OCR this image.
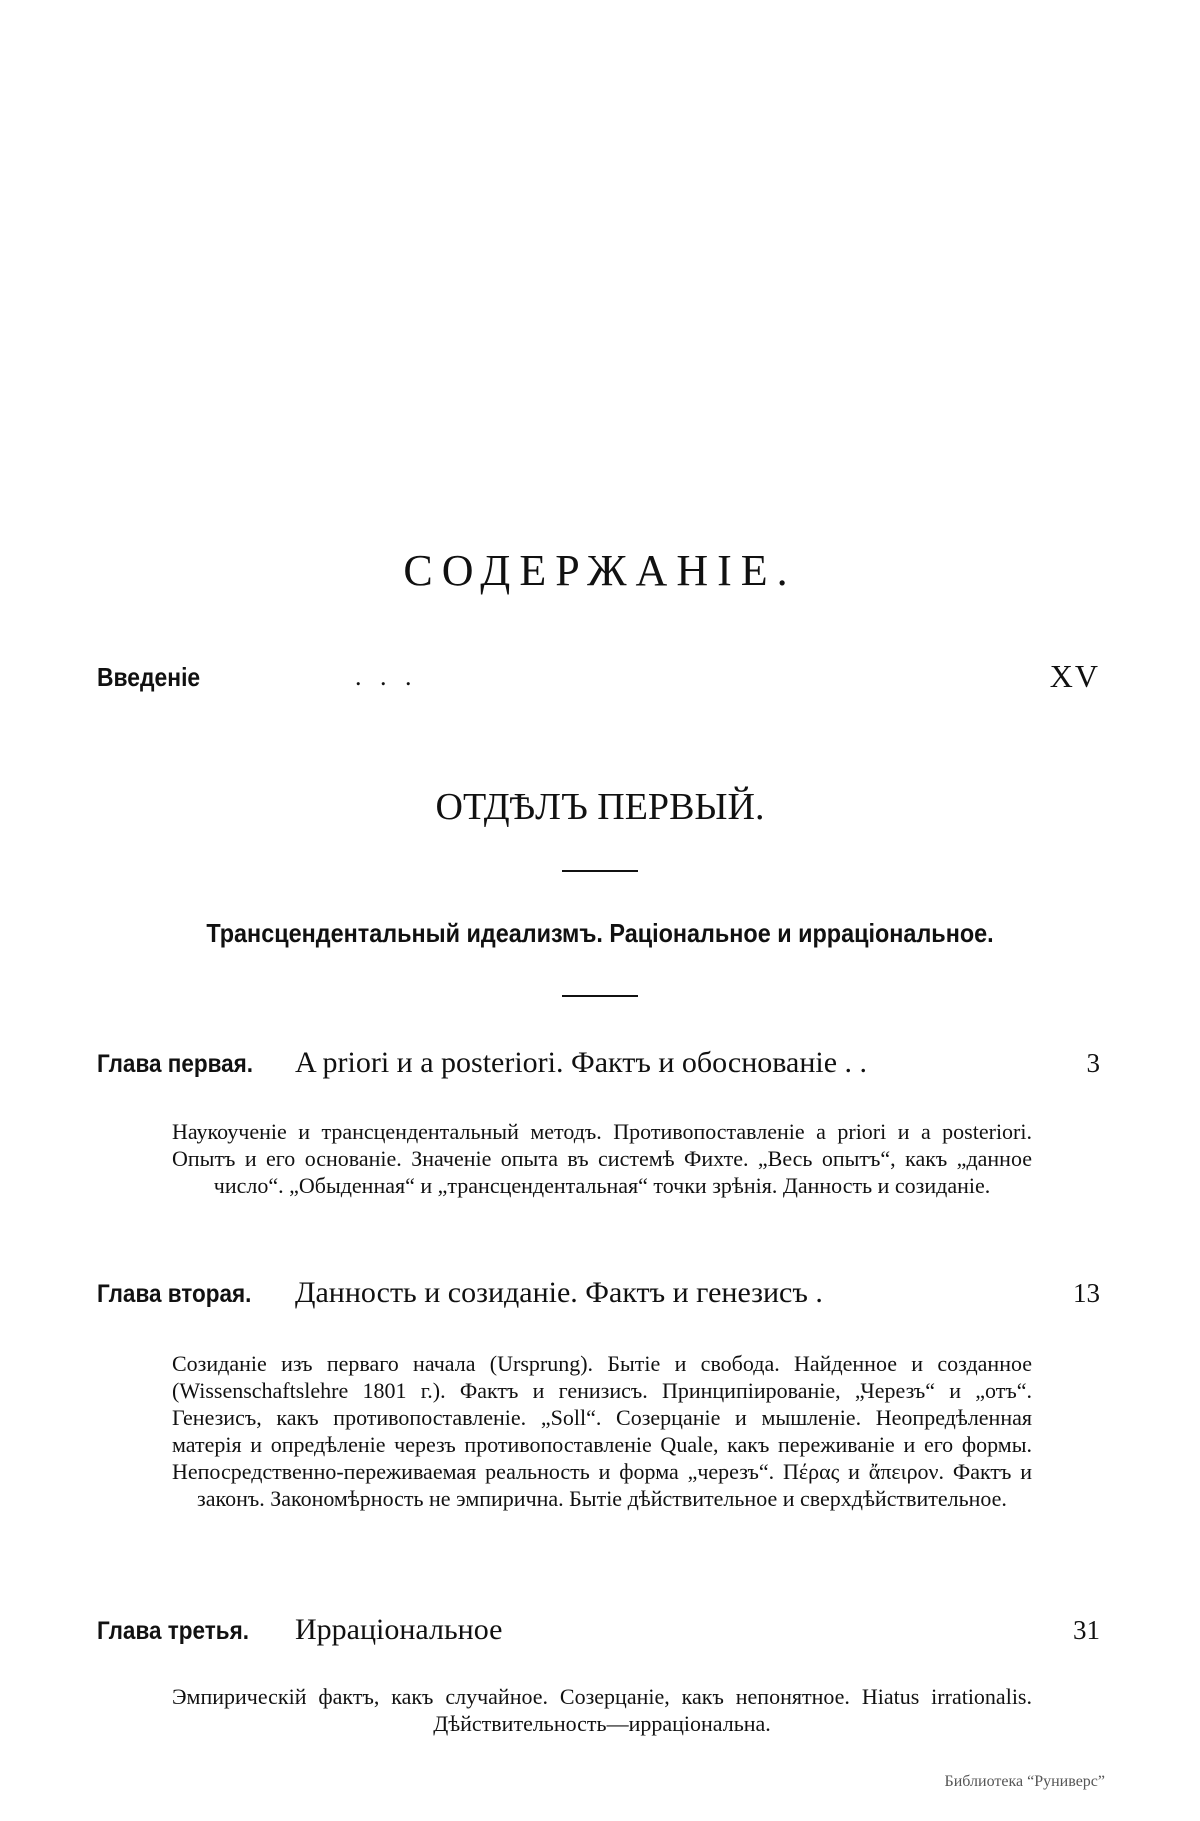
СОДЕРЖАНІЕ.
Введеніе	. . .	XV
ОТДѢЛЪ ПЕРВЫЙ.
Трансцендентальный идеализмъ. Раціональное и ирраціональное.
Глава первая. A priori и a posteriori. Фактъ и обоснованіе . .	3
Наукоученіе и трансцендентальный методъ. Противопоставленіе a priori и a posteriori. Опытъ и его основаніе. Значеніе опыта въ системѣ Фихте. „Весь опытъ“, какъ „данное число“. „Обыденная“ и „трансцендентальная“ точки зрѣнія. Данность и созиданіе.
Глава вторая. Данность и созиданіе. Фактъ и генезисъ .	13
Созиданіе изъ перваго начала (Ursprung). Бытіе и свобода. Найденное и созданное (Wissenschaftslehre 1801 г.). Фактъ и генизисъ. Принципіированіе, „Черезъ“ и „отъ“. Генезисъ, какъ противопоставленіе. „Soll“. Созерцаніе и мышленіе. Неопредѣленная матерія и опредѣленіе черезъ противопоставленіе Quale, какъ переживаніе и его формы. Непосредственно-переживаемая реальность и форма „черезъ“. Πέρας и ἄπειρον. Фактъ и законъ. Закономѣрность не эмпирична. Бытіе дѣйствительное и сверхдѣйствительное.
Глава третья. Ирраціональное	31
Эмпирическій фактъ, какъ случайное. Созерцаніе, какъ непонятное. Hiatus irrationalis. Дѣйствительность—ирраціональна.
Библиотека “Руниверс”
